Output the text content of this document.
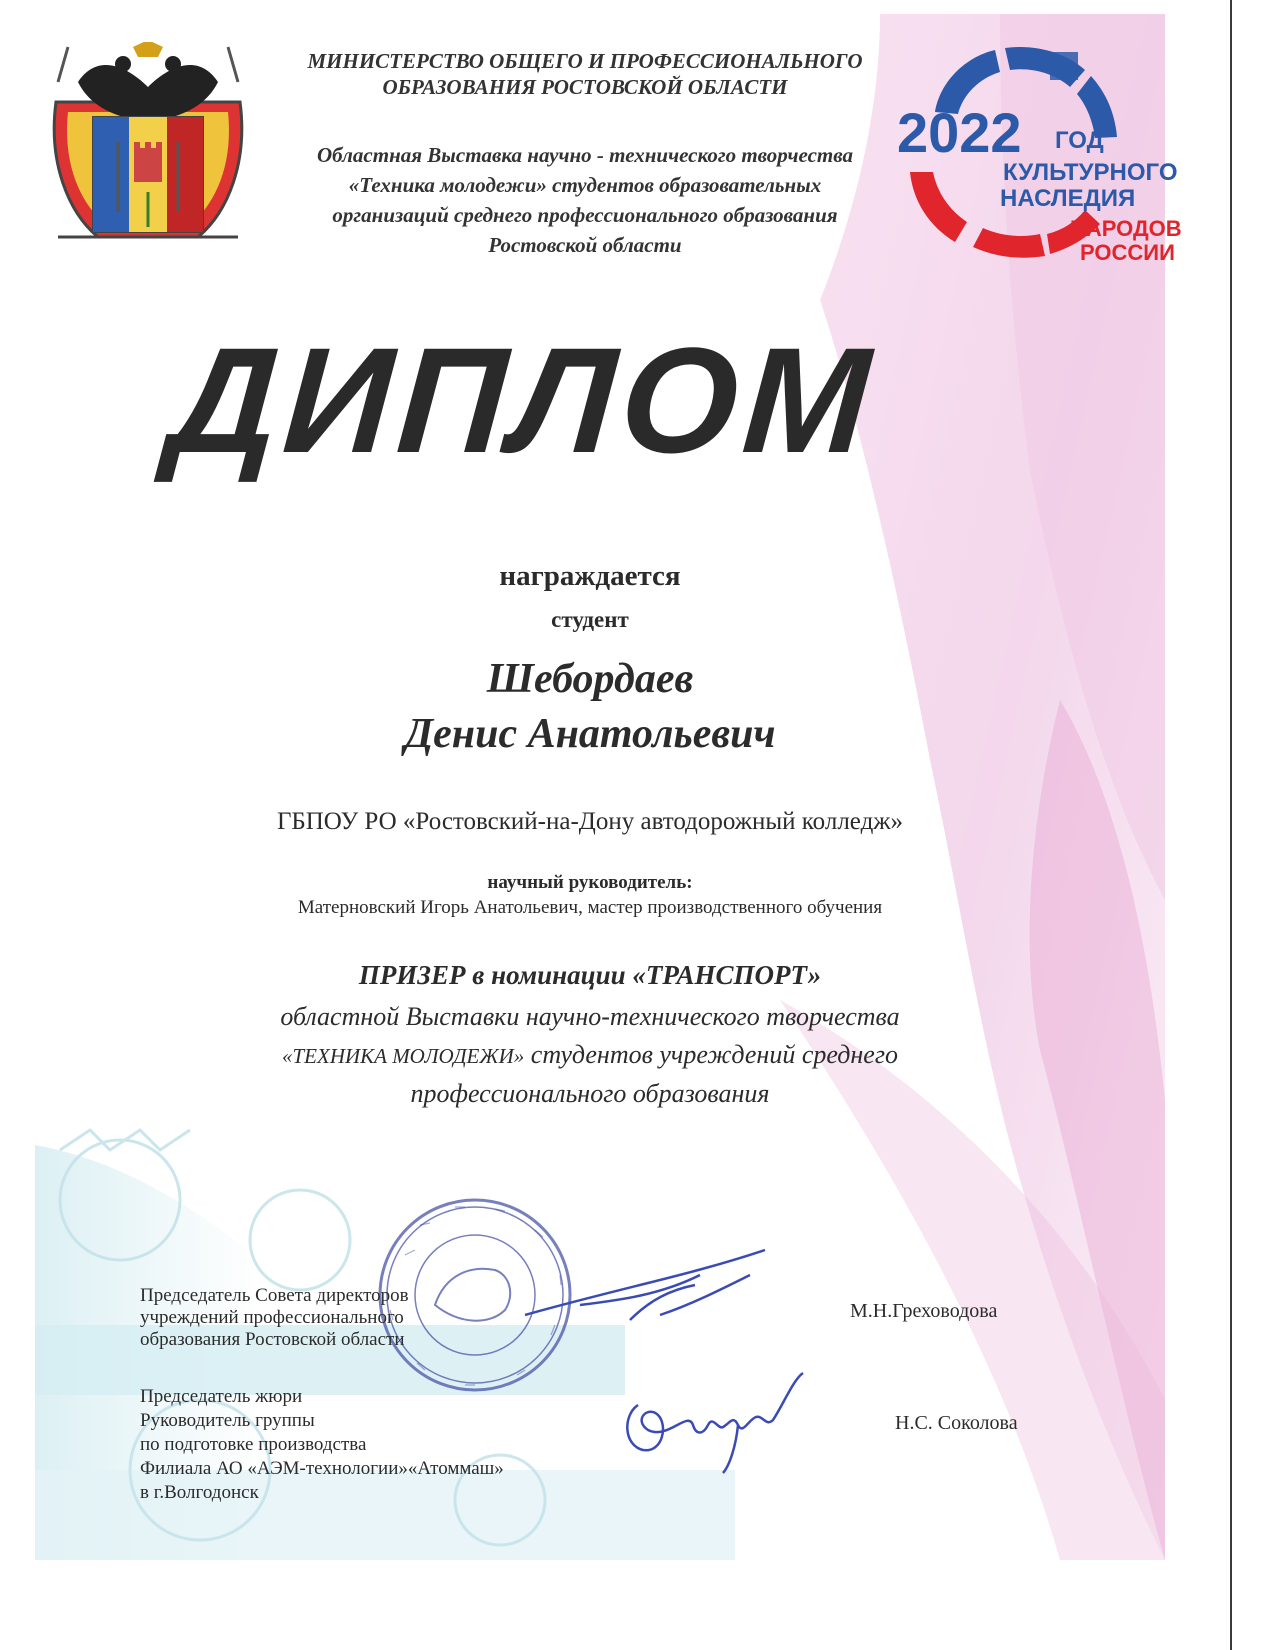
МИНИСТЕРСТВО ОБЩЕГО И ПРОФЕССИОНАЛЬНОГО
ОБРАЗОВАНИЯ РОСТОВСКОЙ ОБЛАСТИ
Областная Выставка научно - технического творчества
«Техника молодежи» студентов образовательных
организаций среднего профессионального образования
Ростовской области
2022 ГОД
КУЛЬТУРНОГО
НАСЛЕДИЯ
НАРОДОВ
РОССИИ
ДИПЛОМ
награждается
студент
Шебордаев
Денис Анатольевич
ГБПОУ РО «Ростовский-на-Дону автодорожный колледж»
научный руководитель:
Матерновский Игорь Анатольевич, мастер производственного обучения
ПРИЗЕР в номинации «ТРАНСПОРТ»
областной Выставки научно-технического творчества
«ТЕХНИКА МОЛОДЕЖИ» студентов учреждений среднего
профессионального образования
Председатель Совета директоров
учреждений профессионального
образования Ростовской области
М.Н.Греховодова
Председатель жюри
Руководитель группы
по подготовке производства
Филиала АО «АЭМ-технологии»«Атоммаш»
в г.Волгодонск
Н.С. Соколова
